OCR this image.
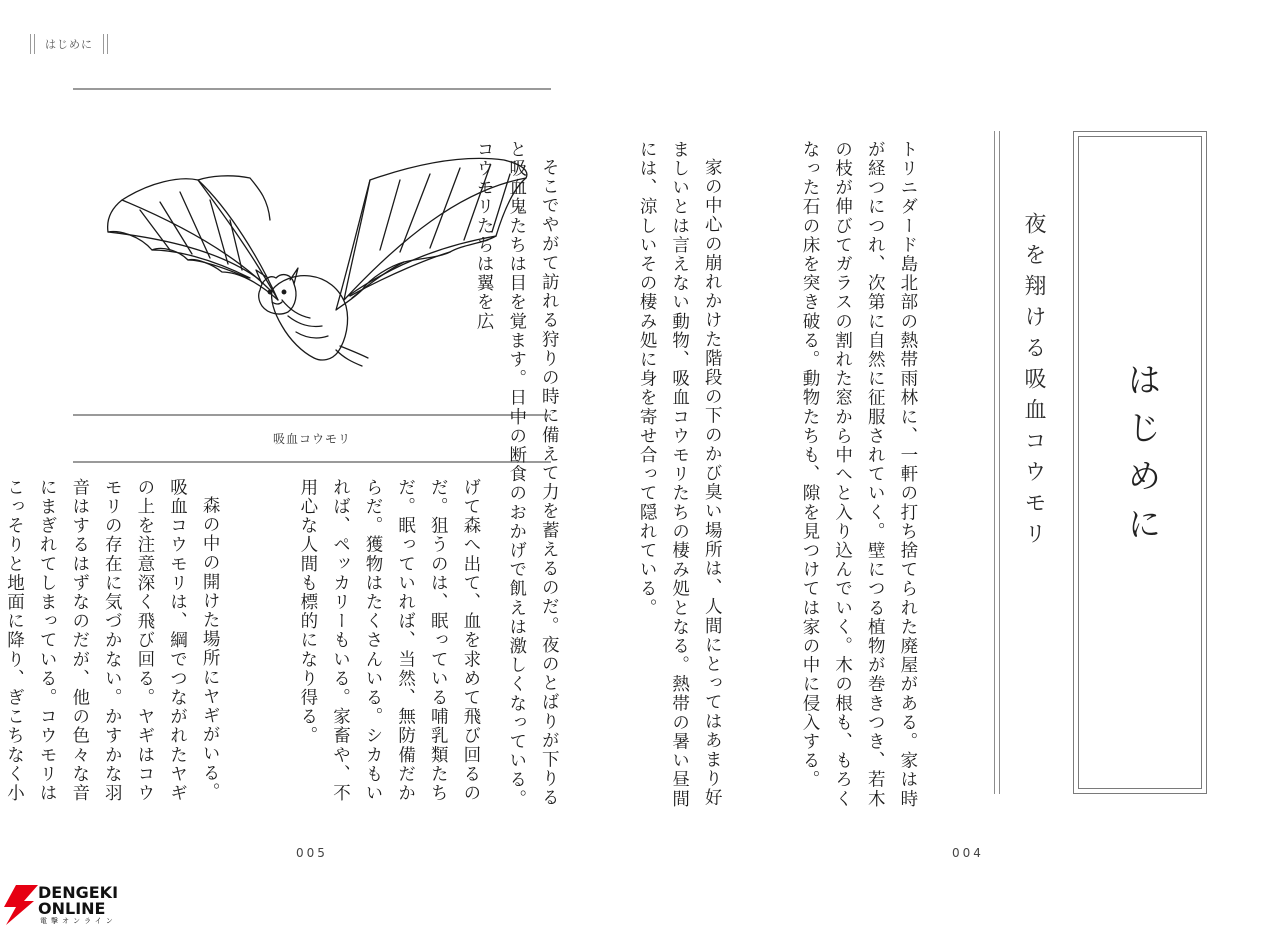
はじめに
吸血コウモリ

げて森へ出て、血を求めて飛び回るのだ。狙うのは、眠っている哺乳類たちだ。眠っていれば、当然、無防備だからだ。獲物はたくさんいる。シカもいれば、ペッカリーもいる。家畜や、不用心な人間も標的になり得る。

森の中の開けた場所にヤギがいる。吸血コウモリは、綱でつながれたヤギの上を注意深く飛び回る。ヤギはコウモリの存在に気づかない。かすかな羽音はするはずなのだが、他の色々な音にまぎれてしまっている。コウモリはこっそりと地面に降り、ぎこちなく小

005

トリニダード島北部の熱帯雨林に、一軒の打ち捨てられた廃屋がある。家は時が経つにつれ、次第に自然に征服されていく。壁につる植物が巻きつき、若木の枝が伸びてガラスの割れた窓から中へと入り込んでいく。木の根も、もろくなった石の床を突き破る。動物たちも、隙を見つけては家の中に侵入する。

家の中心の崩れかけた階段の下のかび臭い場所は、人間にとってはあまり好ましいとは言えない動物、吸血コウモリたちの棲み処となる。熱帯の暑い昼間には、涼しいその棲み処に身を寄せ合って隠れている。

そこでやがて訪れる狩りの時に備えて力を蓄えるのだ。夜のとばりが下りると吸血鬼たちは目を覚ます。日中の断食のおかげで飢えは激しくなっている。コウモリたちは翼を広	夜を翔ける吸血コウモリ はじめに
004
DENGEKI
ONLINE
電撃オンライン
